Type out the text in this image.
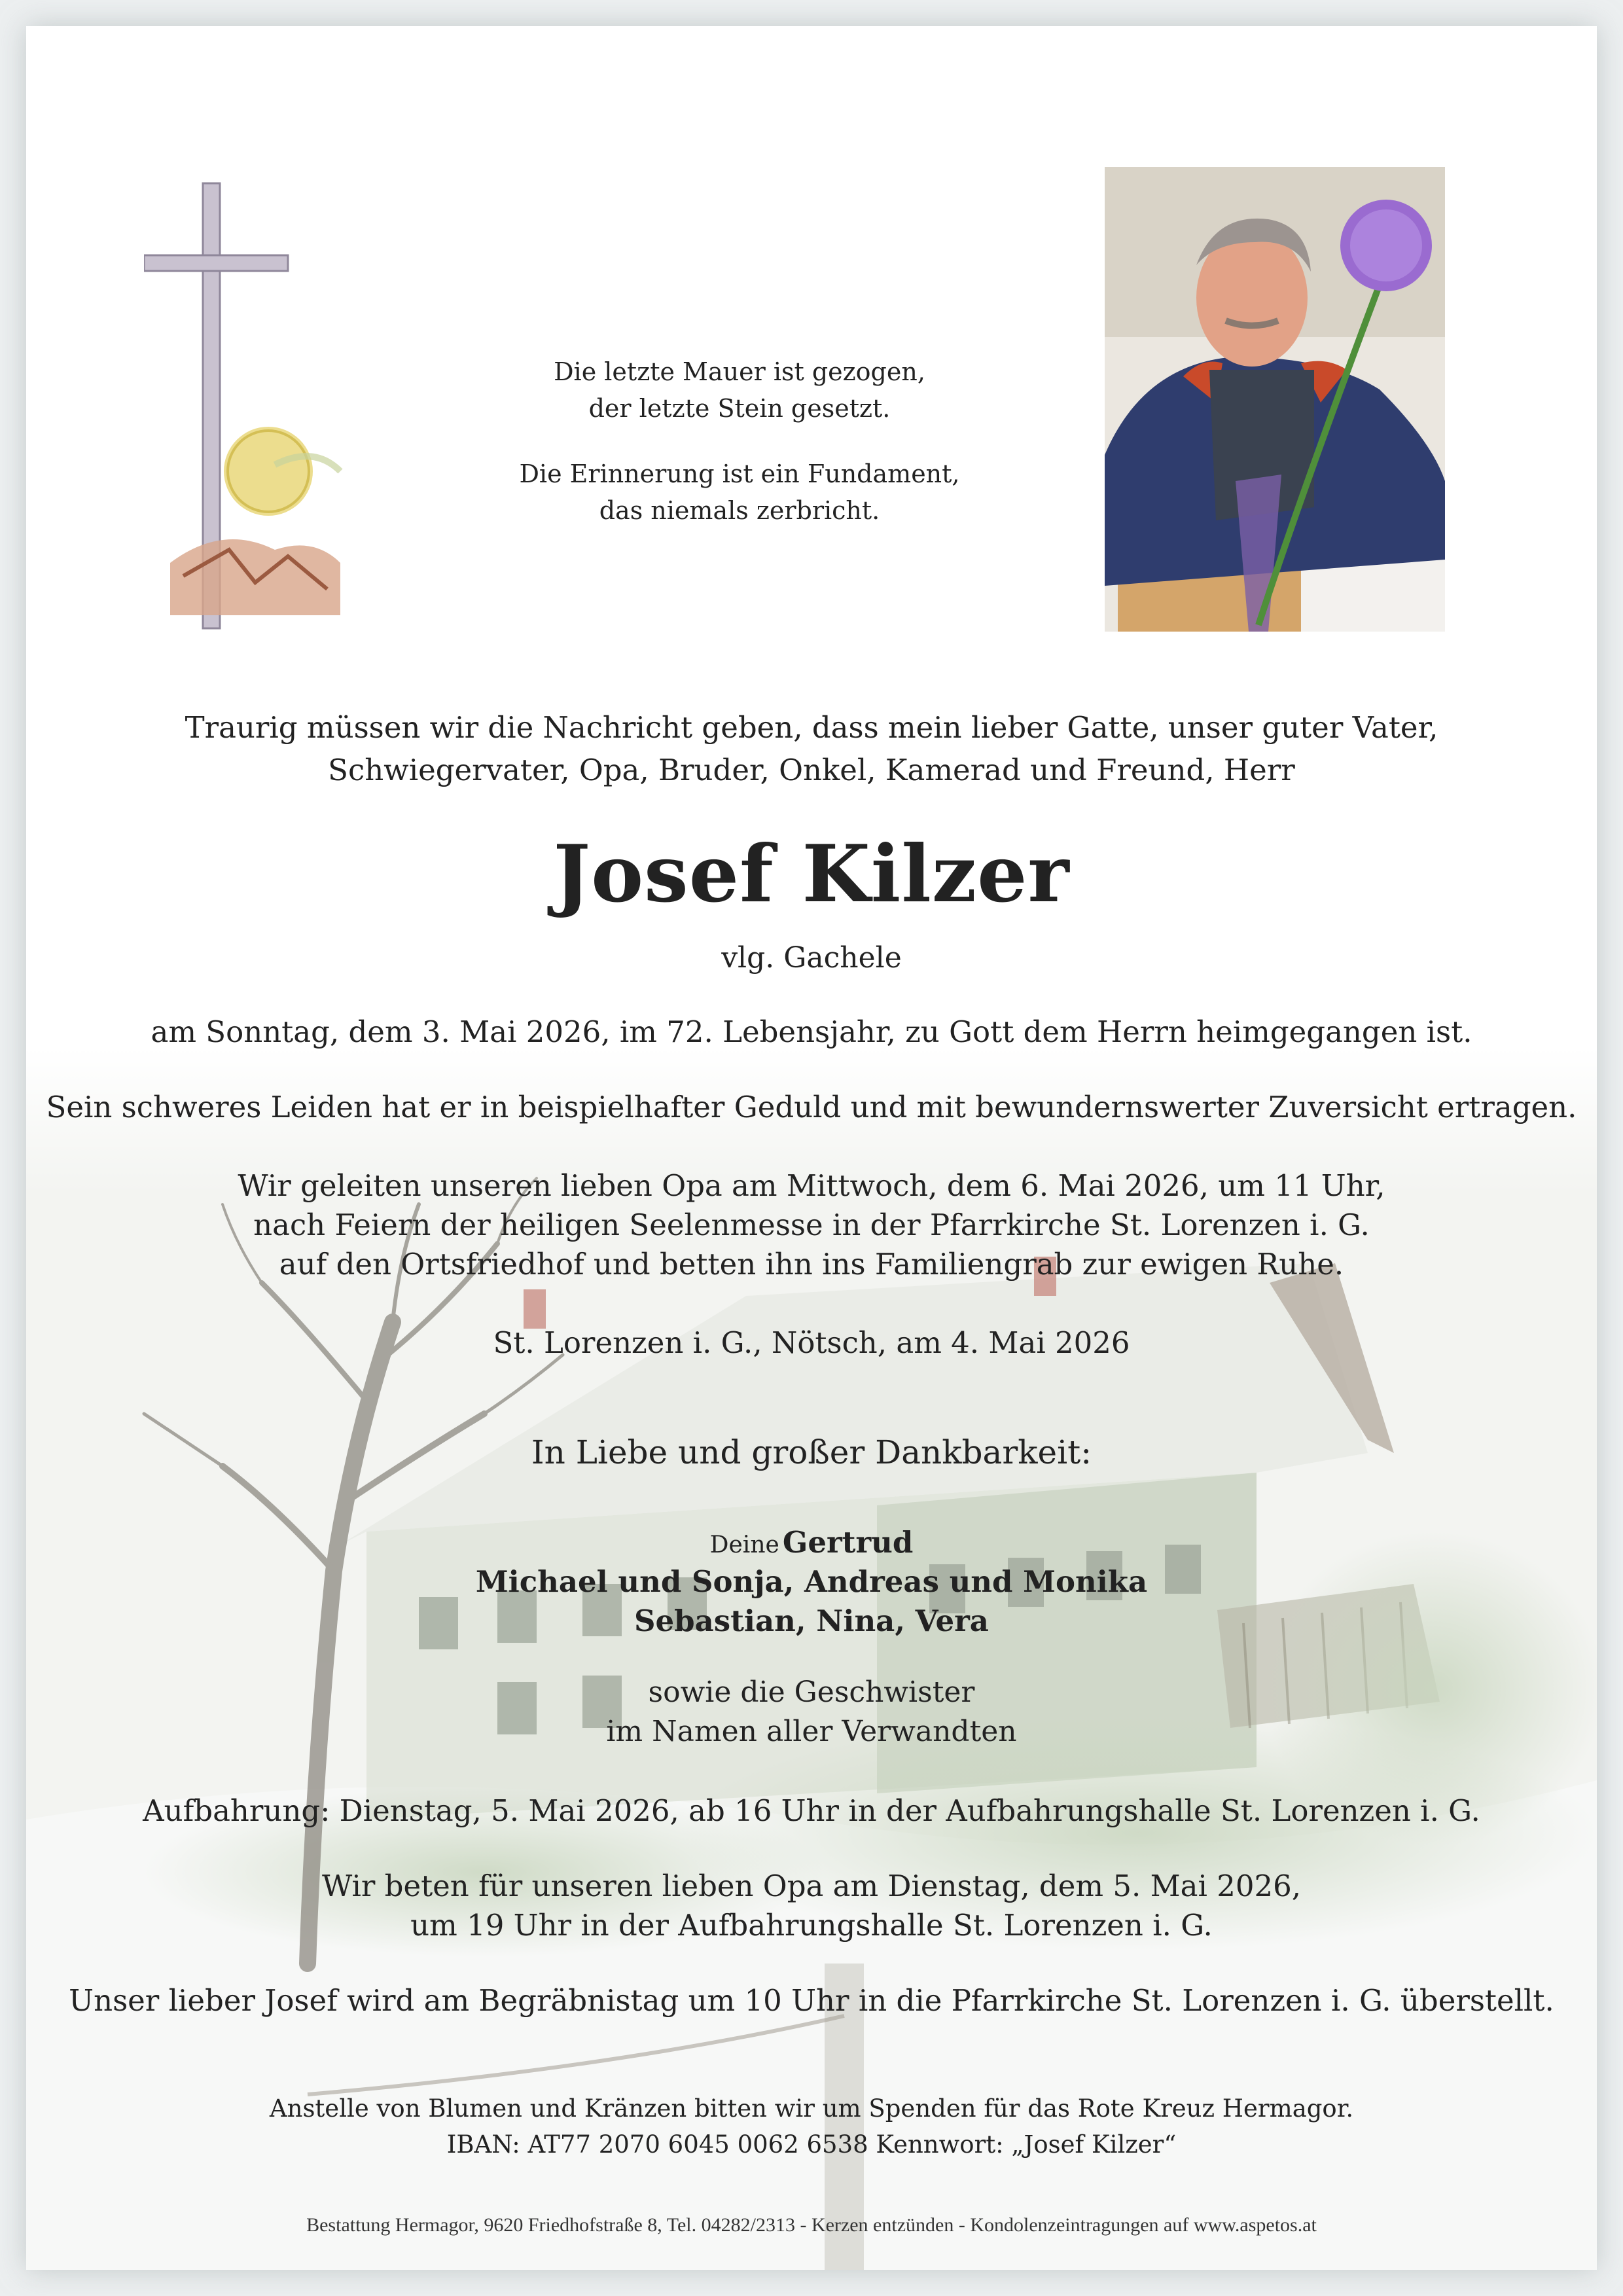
Die letzte Mauer ist gezogen,
der letzte Stein gesetzt.

Die Erinnerung ist ein Fundament,
das niemals zerbricht.

Traurig müssen wir die Nachricht geben, dass mein lieber Gatte, unser guter Vater,
Schwiegervater, Opa, Bruder, Onkel, Kamerad und Freund, Herr
Josef Kilzer
vlg. Gachele
am Sonntag, dem 3. Mai 2026, im 72. Lebensjahr, zu Gott dem Herrn heimgegangen ist.
Sein schweres Leiden hat er in beispielhafter Geduld und mit bewundernswerter Zuversicht ertragen.
Wir geleiten unseren lieben Opa am Mittwoch, dem 6. Mai 2026, um 11 Uhr,
nach Feiern der heiligen Seelenmesse in der Pfarrkirche St. Lorenzen i. G.
auf den Ortsfriedhof und betten ihn ins Familiengrab zur ewigen Ruhe.
St. Lorenzen i. G., Nötsch, am 4. Mai 2026
In Liebe und großer Dankbarkeit:
Deine Gertrud
Michael und Sonja, Andreas und Monika
Sebastian, Nina, Vera
sowie die Geschwister
im Namen aller Verwandten
Aufbahrung: Dienstag, 5. Mai 2026, ab 16 Uhr in der Aufbahrungshalle St. Lorenzen i. G.
Wir beten für unseren lieben Opa am Dienstag, dem 5. Mai 2026,
um 19 Uhr in der Aufbahrungshalle St. Lorenzen i. G.
Unser lieber Josef wird am Begräbnistag um 10 Uhr in die Pfarrkirche St. Lorenzen i. G. überstellt.
Anstelle von Blumen und Kränzen bitten wir um Spenden für das Rote Kreuz Hermagor.
IBAN: AT77 2070 6045 0062 6538 Kennwort: „Josef Kilzer“
Bestattung Hermagor, 9620 Friedhofstraße 8, Tel. 04282/2313 - Kerzen entzünden - Kondolenzeintragungen auf www.aspetos.at
